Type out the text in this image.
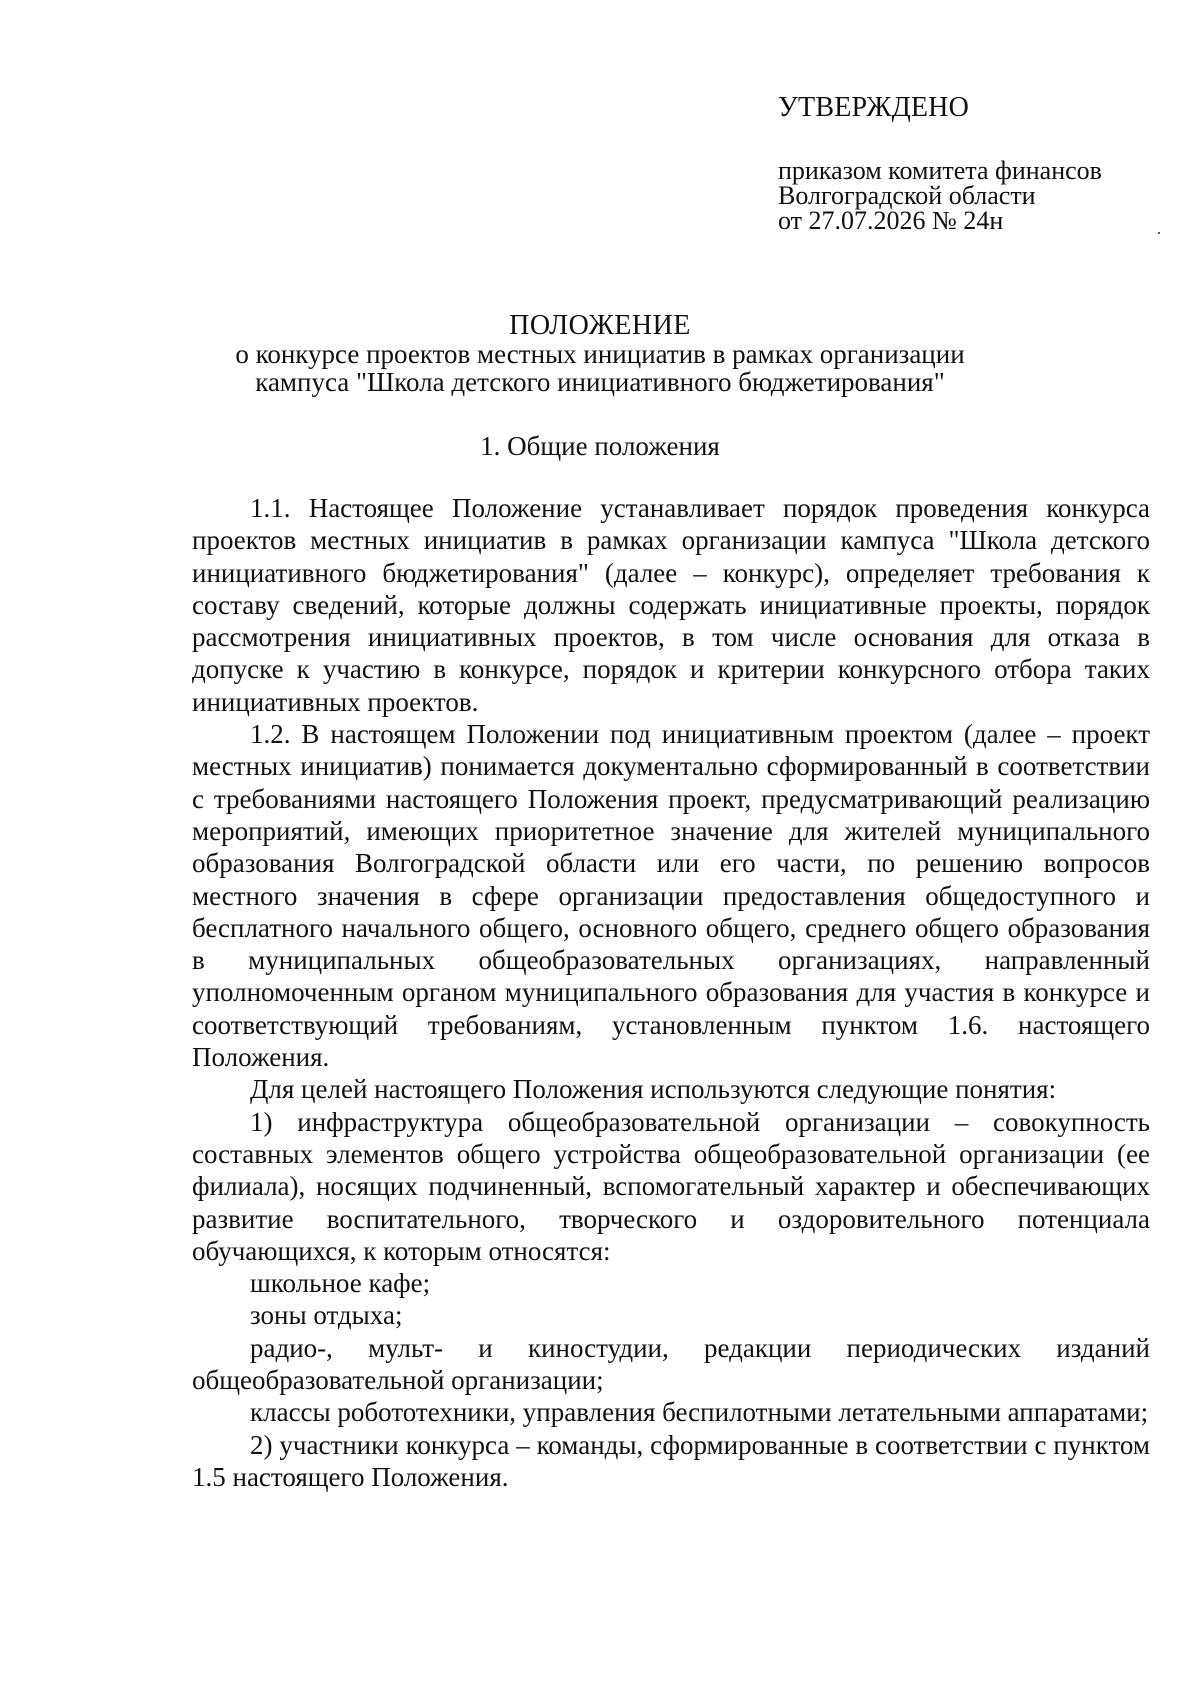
УТВЕРЖДЕНО
приказом комитета финансов
Волгоградской области
от 27.07.2026 № 24н
ПОЛОЖЕНИЕ
о конкурсе проектов местных инициатив в рамках организации
кампуса "Школа детского инициативного бюджетирования"
1. Общие положения

1.1. Настоящее Положение устанавливает порядок проведения конкурса проектов местных инициатив в рамках организации кампуса "Школа детского инициативного бюджетирования" (далее – конкурс), определяет требования к составу сведений, которые должны содержать инициативные проекты, порядок рассмотрения инициативных проектов, в том числе основания для отказа в допуске к участию в конкурсе, порядок и критерии конкурсного отбора таких инициативных проектов.

1.2. В настоящем Положении под инициативным проектом (далее – проект местных инициатив) понимается документально сформированный в соответствии с требованиями настоящего Положения проект, предусматривающий реализацию мероприятий, имеющих приоритетное значение для жителей муниципального образования Волгоградской области или его части, по решению вопросов местного значения в сфере организации предоставления общедоступного и бесплатного начального общего, основного общего, среднего общего образования в муниципальных общеобразовательных организациях, направленный уполномоченным органом муниципального образования для участия в конкурсе и соответствующий требованиям, установленным пунктом 1.6. настоящего Положения.

Для целей настоящего Положения используются следующие понятия:

1) инфраструктура общеобразовательной организации – совокупность составных элементов общего устройства общеобразовательной организации (ее филиала), носящих подчиненный, вспомогательный характер и обеспечивающих развитие воспитательного, творческого и оздоровительного потенциала обучающихся, к которым относятся:

школьное кафе;

зоны отдыха;

радио-, мульт- и киностудии, редакции периодических изданий общеобразовательной организации;

классы робототехники, управления беспилотными летательными аппаратами;

2) участники конкурса – команды, сформированные в соответствии с пунктом 1.5 настоящего Положения.
